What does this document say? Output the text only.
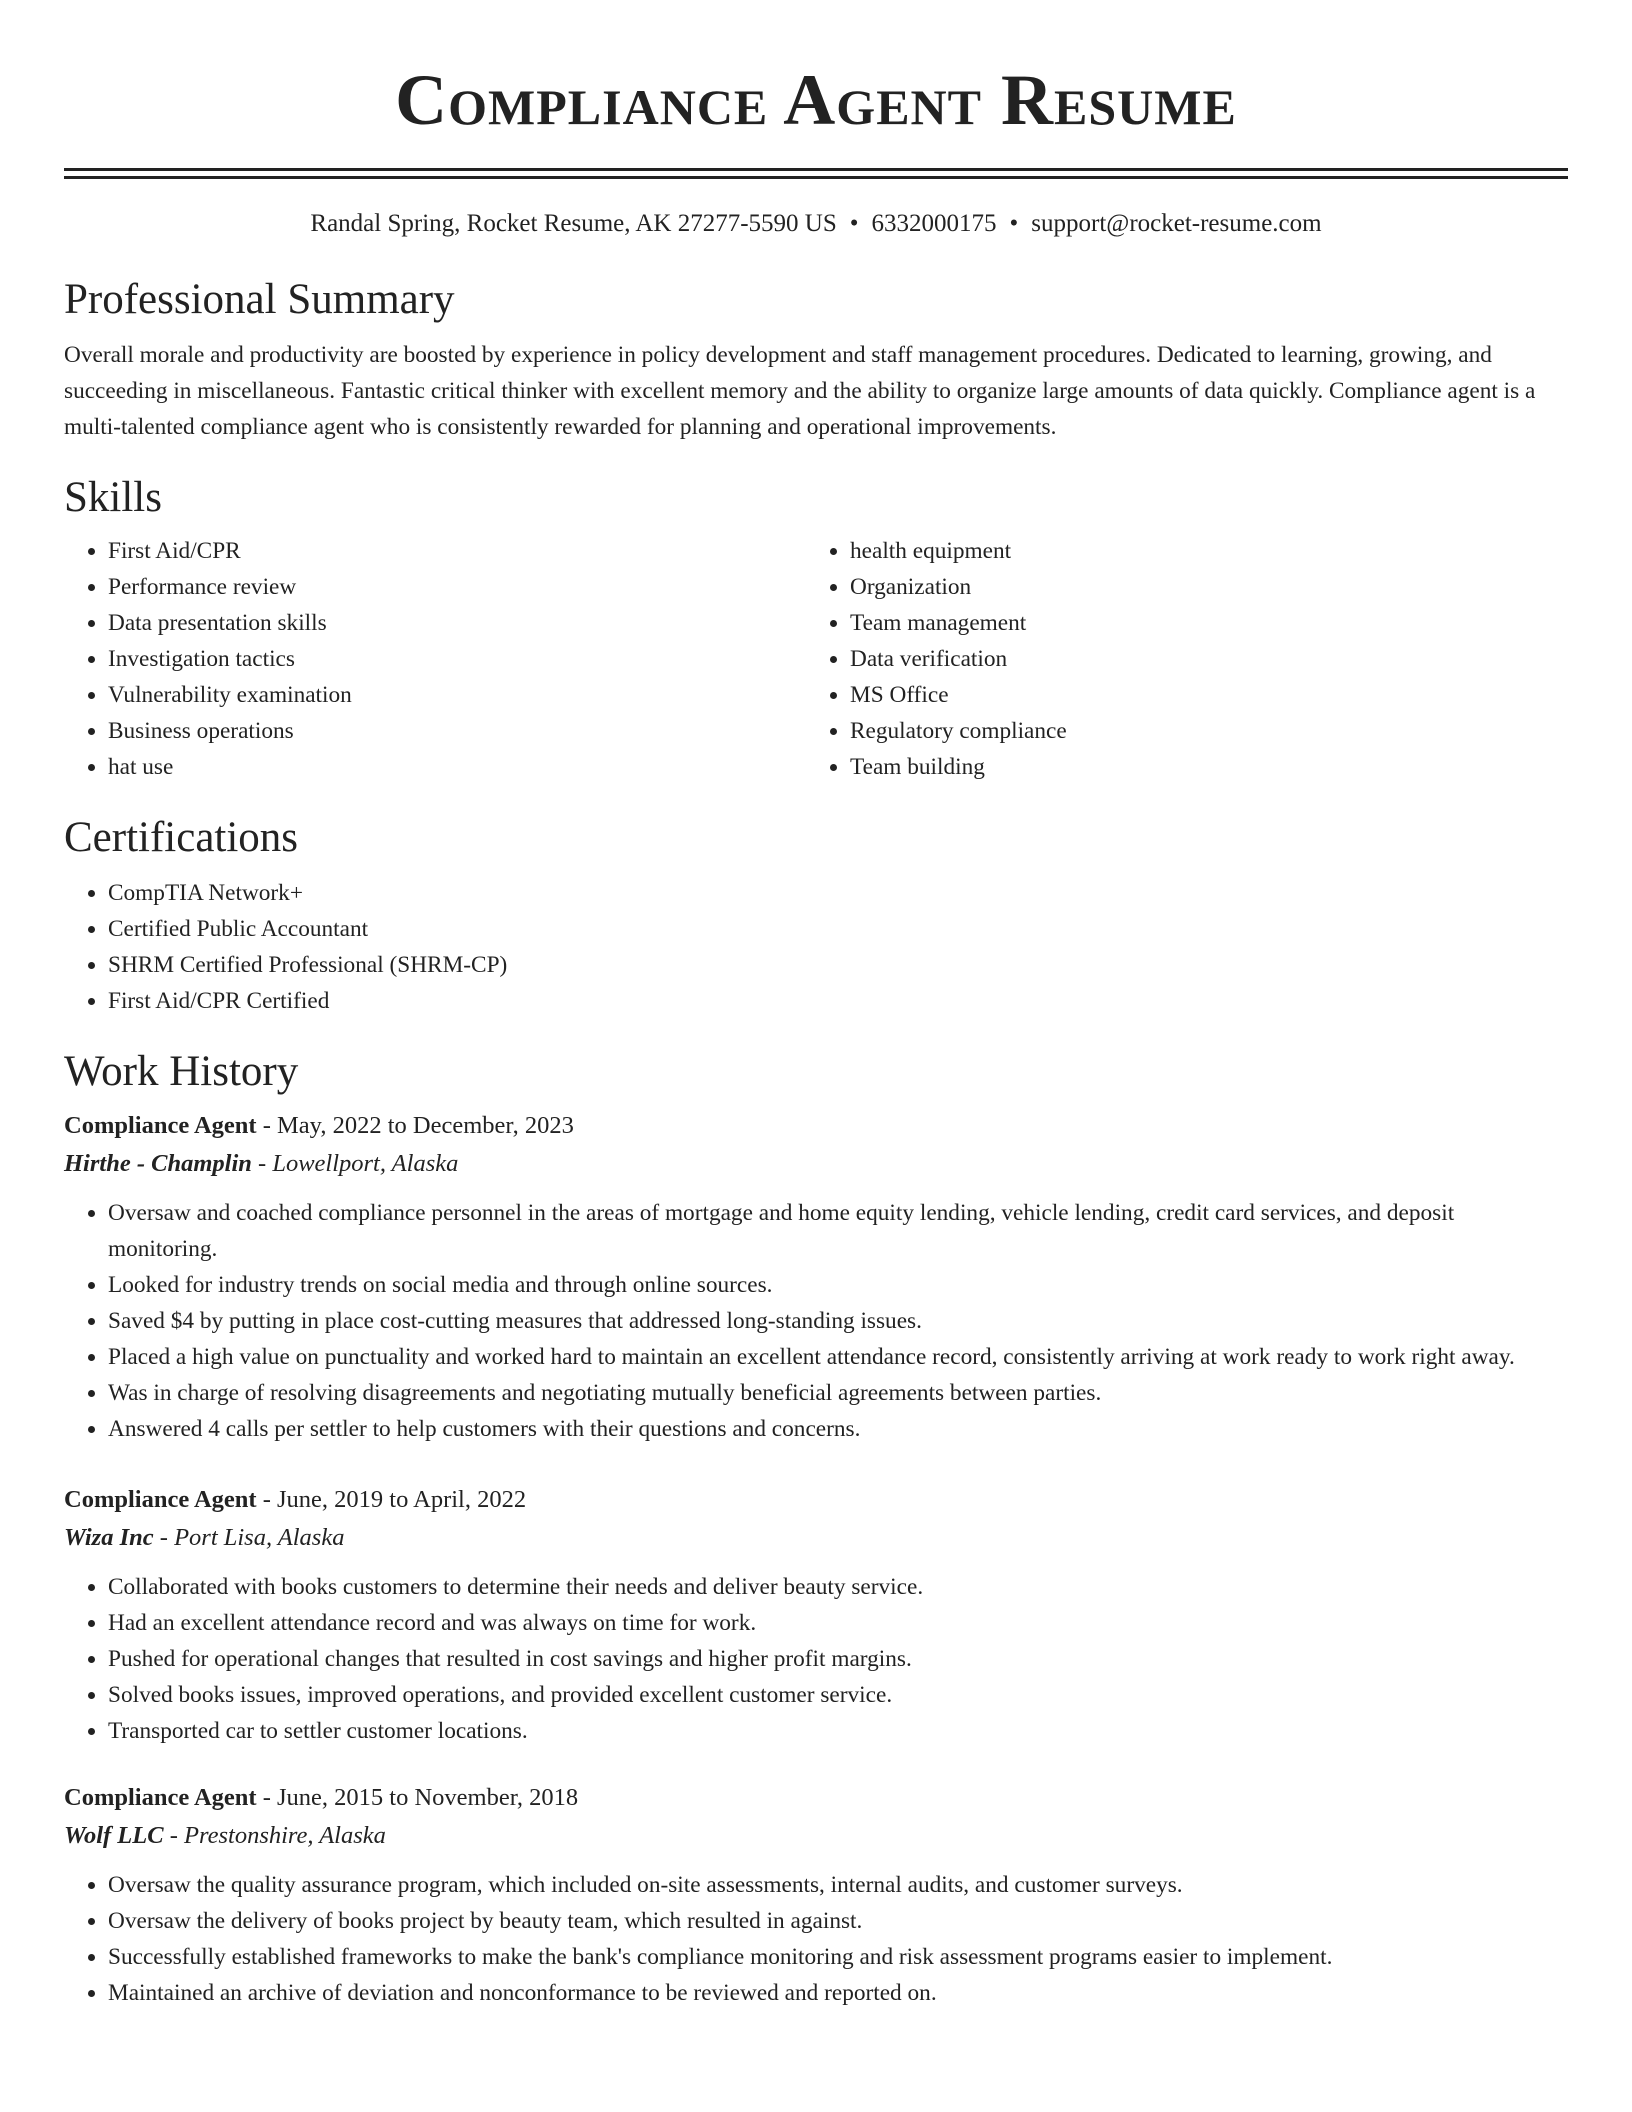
Compliance Agent Resume
Randal Spring, Rocket Resume, AK 27277-5590 US • 6332000175 • support@rocket-resume.com
Professional Summary

Overall morale and productivity are boosted by experience in policy development and staff management procedures. Dedicated to learning, growing, and succeeding in miscellaneous. Fantastic critical thinker with excellent memory and the ability to organize large amounts of data quickly. Compliance agent is a multi-talented compliance agent who is consistently rewarded for planning and operational improvements.

Skills
• First Aid/CPR
• Performance review
• Data presentation skills
• Investigation tactics
• Vulnerability examination
• Business operations
• hat use
• health equipment
• Organization
• Team management
• Data verification
• MS Office
• Regulatory compliance
• Team building
Certifications
• CompTIA Network+
• Certified Public Accountant
• SHRM Certified Professional (SHRM-CP)
• First Aid/CPR Certified
Work History
Compliance Agent - May, 2022 to December, 2023
Hirthe - Champlin - Lowellport, Alaska
• Oversaw and coached compliance personnel in the areas of mortgage and home equity lending, vehicle lending, credit card services, and deposit monitoring.
• Looked for industry trends on social media and through online sources.
• Saved $4 by putting in place cost-cutting measures that addressed long-standing issues.
• Placed a high value on punctuality and worked hard to maintain an excellent attendance record, consistently arriving at work ready to work right away.
• Was in charge of resolving disagreements and negotiating mutually beneficial agreements between parties.
• Answered 4 calls per settler to help customers with their questions and concerns.
Compliance Agent - June, 2019 to April, 2022
Wiza Inc - Port Lisa, Alaska
• Collaborated with books customers to determine their needs and deliver beauty service.
• Had an excellent attendance record and was always on time for work.
• Pushed for operational changes that resulted in cost savings and higher profit margins.
• Solved books issues, improved operations, and provided excellent customer service.
• Transported car to settler customer locations.
Compliance Agent - June, 2015 to November, 2018
Wolf LLC - Prestonshire, Alaska
• Oversaw the quality assurance program, which included on-site assessments, internal audits, and customer surveys.
• Oversaw the delivery of books project by beauty team, which resulted in against.
• Successfully established frameworks to make the bank's compliance monitoring and risk assessment programs easier to implement.
• Maintained an archive of deviation and nonconformance to be reviewed and reported on.
